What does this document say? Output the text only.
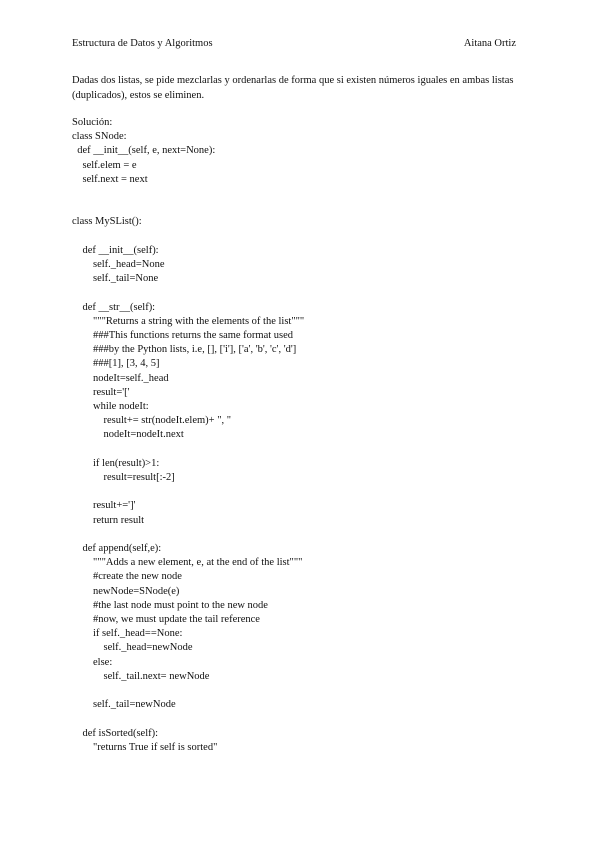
Estructura de Datos y Algoritmos	Aitana Ortiz
Dadas dos listas, se pide mezclarlas y ordenarlas de forma que si existen números iguales en ambas listas (duplicados), estos se eliminen.
Solución:
class SNode:
def __init__(self, e, next=None):
self.elem = e
self.next = next
class MySList():
def __init__(self):
self._head=None
self._tail=None
def __str__(self):
"""Returns a string with the elements of the list"""
###This functions returns the same format used
###by the Python lists, i.e, [], ['i'], ['a', 'b', 'c', 'd']
###[1], [3, 4, 5]
nodeIt=self._head
result='['
while nodeIt:
result+= str(nodeIt.elem)+ ", "
nodeIt=nodeIt.next
if len(result)>1:
result=result[:-2]
result+=']'
return result
def append(self,e):
"""Adds a new element, e, at the end of the list"""
#create the new node
newNode=SNode(e)
#the last node must point to the new node
#now, we must update the tail reference
if self._head==None:
self._head=newNode
else:
self._tail.next= newNode
self._tail=newNode
def isSorted(self):
"returns True if self is sorted"
